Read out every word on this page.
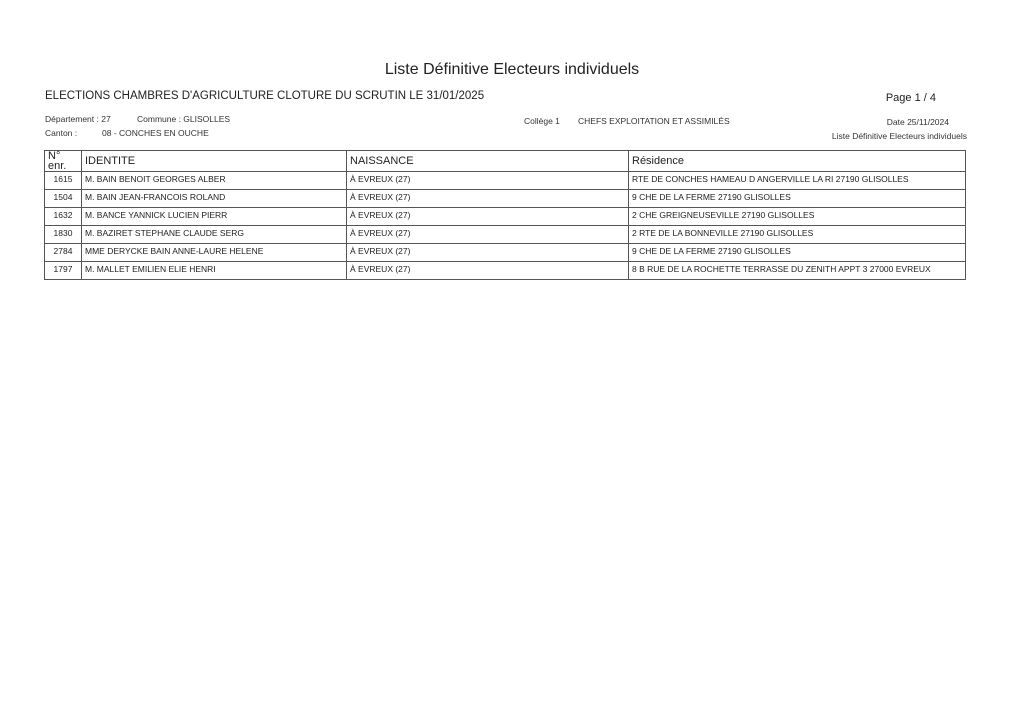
Liste Définitive Electeurs individuels
ELECTIONS CHAMBRES D'AGRICULTURE CLOTURE DU SCRUTIN LE 31/01/2025	Page 1 / 4
Département : 27	Commune : GLISOLLES
Canton :	08 - CONCHES EN OUCHE
Collège 1 CHEFS EXPLOITATION ET ASSIMILÉS	Date 25/11/2024
Liste Définitive Electeurs individuels
N° enr.	IDENTITE	NAISSANCE	Résidence
1615	M. BAIN BENOIT GEORGES ALBER	À EVREUX (27)	RTE DE CONCHES HAMEAU D ANGERVILLE LA RI 27190 GLISOLLES
1504	M. BAIN JEAN-FRANCOIS ROLAND	À EVREUX (27)	9 CHE DE LA FERME 27190 GLISOLLES
1632	M. BANCE YANNICK LUCIEN PIERR	À EVREUX (27)	2 CHE GREIGNEUSEVILLE 27190 GLISOLLES
1830	M. BAZIRET STEPHANE CLAUDE SERG	À EVREUX (27)	2 RTE DE LA BONNEVILLE 27190 GLISOLLES
2784	MME DERYCKE BAIN ANNE-LAURE HELENE	À EVREUX (27)	9 CHE DE LA FERME 27190 GLISOLLES
1797	M. MALLET EMILIEN ELIE HENRI	À EVREUX (27)	8 B RUE DE LA ROCHETTE TERRASSE DU ZENITH APPT 3 27000 EVREUX
